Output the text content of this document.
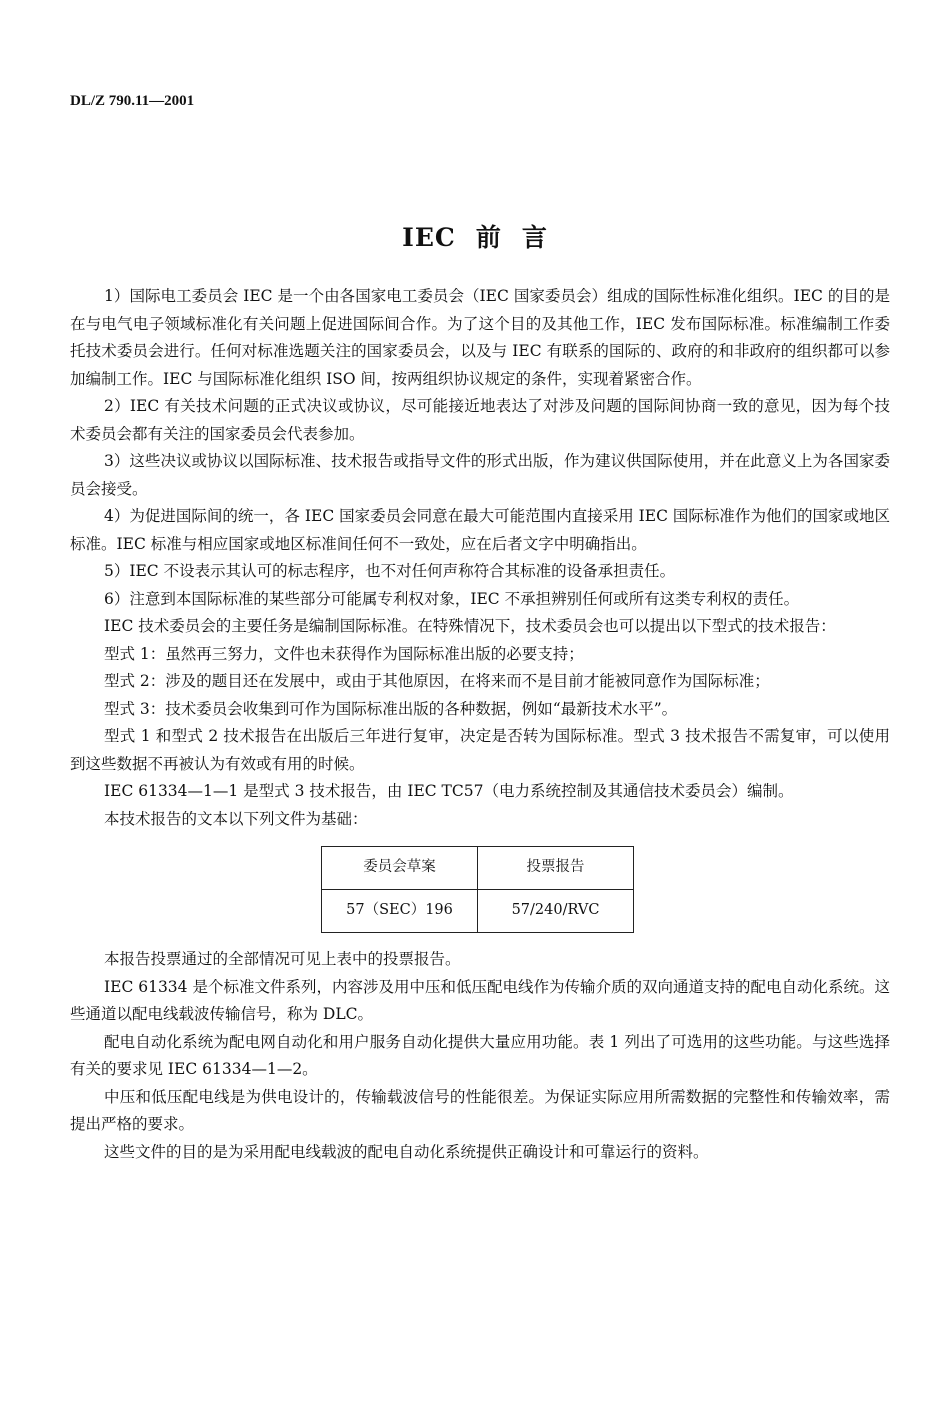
DL/Z 790.11—2001
IEC 前 言

1）国际电工委员会 IEC 是一个由各国家电工委员会（IEC 国家委员会）组成的国际性标准化组织。IEC 的目的是在与电气电子领域标准化有关问题上促进国际间合作。为了这个目的及其他工作，IEC 发布国际标准。标准编制工作委托技术委员会进行。任何对标准选题关注的国家委员会，以及与 IEC 有联系的国际的、政府的和非政府的组织都可以参加编制工作。IEC 与国际标准化组织 ISO 间，按两组织协议规定的条件，实现着紧密合作。

2）IEC 有关技术问题的正式决议或协议，尽可能接近地表达了对涉及问题的国际间协商一致的意见，因为每个技术委员会都有关注的国家委员会代表参加。

3）这些决议或协议以国际标准、技术报告或指导文件的形式出版，作为建议供国际使用，并在此意义上为各国家委员会接受。

4）为促进国际间的统一，各 IEC 国家委员会同意在最大可能范围内直接采用 IEC 国际标准作为他们的国家或地区标准。IEC 标准与相应国家或地区标准间任何不一致处，应在后者文字中明确指出。

5）IEC 不设表示其认可的标志程序，也不对任何声称符合其标准的设备承担责任。

6）注意到本国际标准的某些部分可能属专利权对象，IEC 不承担辨别任何或所有这类专利权的责任。

IEC 技术委员会的主要任务是编制国际标准。在特殊情况下，技术委员会也可以提出以下型式的技术报告：

型式 1：虽然再三努力，文件也未获得作为国际标准出版的必要支持；

型式 2：涉及的题目还在发展中，或由于其他原因，在将来而不是目前才能被同意作为国际标准；

型式 3：技术委员会收集到可作为国际标准出版的各种数据，例如“最新技术水平”。

型式 1 和型式 2 技术报告在出版后三年进行复审，决定是否转为国际标准。型式 3 技术报告不需复审，可以使用到这些数据不再被认为有效或有用的时候。

IEC 61334—1—1 是型式 3 技术报告，由 IEC TC57（电力系统控制及其通信技术委员会）编制。

本技术报告的文本以下列文件为基础：

委员会草案	投票报告
57（SEC）196	57/240/RVC

本报告投票通过的全部情况可见上表中的投票报告。

IEC 61334 是个标准文件系列，内容涉及用中压和低压配电线作为传输介质的双向通道支持的配电自动化系统。这些通道以配电线载波传输信号，称为 DLC。

配电自动化系统为配电网自动化和用户服务自动化提供大量应用功能。表 1 列出了可选用的这些功能。与这些选择有关的要求见 IEC 61334—1—2。

中压和低压配电线是为供电设计的，传输载波信号的性能很差。为保证实际应用所需数据的完整性和传输效率，需提出严格的要求。

这些文件的目的是为采用配电线载波的配电自动化系统提供正确设计和可靠运行的资料。
